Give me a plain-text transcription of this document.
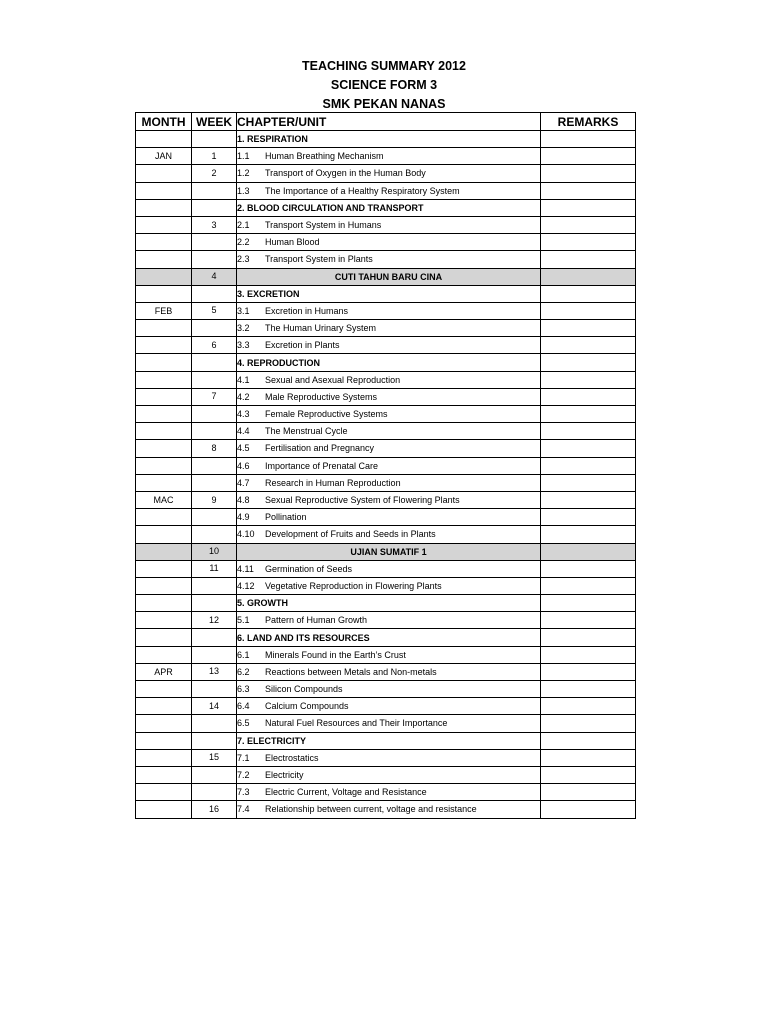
TEACHING SUMMARY 2012
SCIENCE FORM 3
SMK PEKAN NANAS
MONTH	WEEK	CHAPTER/UNIT	REMARKS
		1. RESPIRATION	
JAN	1	1.1 Human Breathing Mechanism	
	2	1.2 Transport of Oxygen in the Human Body	
		1.3 The Importance of a Healthy Respiratory System	
		2. BLOOD CIRCULATION AND TRANSPORT	
	3	2.1 Transport System in Humans	
		2.2 Human Blood	
		2.3 Transport System in Plants	
	4	CUTI TAHUN BARU CINA	
		3. EXCRETION	
FEB	5	3.1 Excretion in Humans	
		3.2 The Human Urinary System	
	6	3.3 Excretion in Plants	
		4. REPRODUCTION	
		4.1 Sexual and Asexual Reproduction	
	7	4.2 Male Reproductive Systems	
		4.3 Female Reproductive Systems	
		4.4 The Menstrual Cycle	
	8	4.5 Fertilisation and Pregnancy	
		4.6 Importance of Prenatal Care	
		4.7 Research in Human Reproduction	
MAC	9	4.8 Sexual Reproductive System of Flowering Plants	
		4.9 Pollination	
		4.10 Development of Fruits and Seeds in Plants	
	10	UJIAN SUMATIF 1	
	11	4.11 Germination of Seeds	
		4.12 Vegetative Reproduction in Flowering Plants	
		5. GROWTH	
	12	5.1 Pattern of Human Growth	
		6. LAND AND ITS RESOURCES	
		6.1 Minerals Found in the Earth’s Crust	
APR	13	6.2 Reactions between Metals and Non-metals	
		6.3 Silicon Compounds	
	14	6.4 Calcium Compounds	
		6.5 Natural Fuel Resources and Their Importance	
		7. ELECTRICITY	
	15	7.1 Electrostatics	
		7.2 Electricity	
		7.3 Electric Current, Voltage and Resistance	
	16	7.4 Relationship between current, voltage and resistance	
